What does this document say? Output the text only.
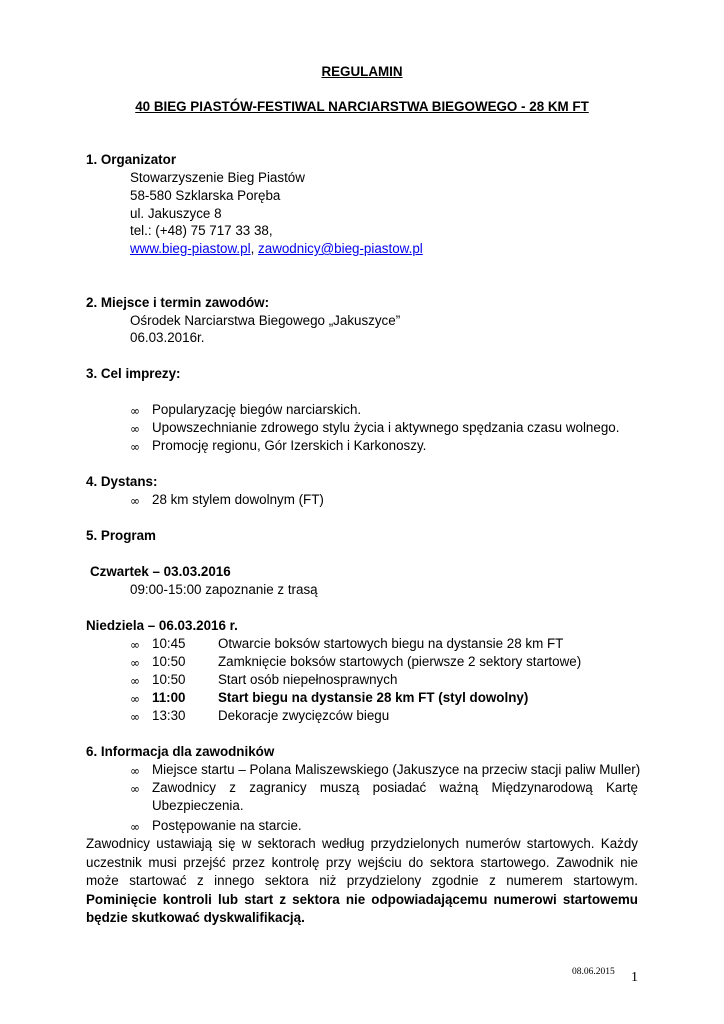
REGULAMIN
40 BIEG PIASTÓW-FESTIWAL NARCIARSTWA BIEGOWEGO - 28 KM FT
1. Organizator
Stowarzyszenie Bieg Piastów
58-580 Szklarska Poręba
ul. Jakuszyce 8
tel.: (+48) 75 717 33 38,
www.bieg-piastow.pl, zawodnicy@bieg-piastow.pl
2. Miejsce i termin zawodów:
Ośrodek Narciarstwa Biegowego „Jakuszyce”
06.03.2016r.
3. Cel imprezy:
∞ Popularyzację biegów narciarskich.
∞ Upowszechnianie zdrowego stylu życia i aktywnego spędzania czasu wolnego.
∞ Promocję regionu, Gór Izerskich i Karkonoszy.
4. Dystans:
∞ 28 km stylem dowolnym (FT)
5. Program
Czwartek – 03.03.2016
09:00-15:00 zapoznanie z trasą
Niedziela – 06.03.2016 r.
∞ 10:45 Otwarcie boksów startowych biegu na dystansie 28 km FT
∞ 10:50 Zamknięcie boksów startowych (pierwsze 2 sektory startowe)
∞ 10:50 Start osób niepełnosprawnych
∞ 11:00 Start biegu na dystansie 28 km FT (styl dowolny)
∞ 13:30 Dekoracje zwycięzców biegu
6. Informacja dla zawodników
∞ Miejsce startu – Polana Maliszewskiego (Jakuszyce na przeciw stacji paliw Muller)
∞ Zawodnicy z zagranicy muszą posiadać ważną Międzynarodową Kartę
Ubezpieczenia.
∞ Postępowanie na starcie.
Zawodnicy ustawiają się w sektorach według przydzielonych numerów startowych. Każdy uczestnik musi przejść przez kontrolę przy wejściu do sektora startowego. Zawodnik nie może startować z innego sektora niż przydzielony zgodnie z numerem startowym. Pominięcie kontroli lub start z sektora nie odpowiadającemu numerowi startowemu będzie skutkować dyskwalifikacją.
08.06.2015 1
